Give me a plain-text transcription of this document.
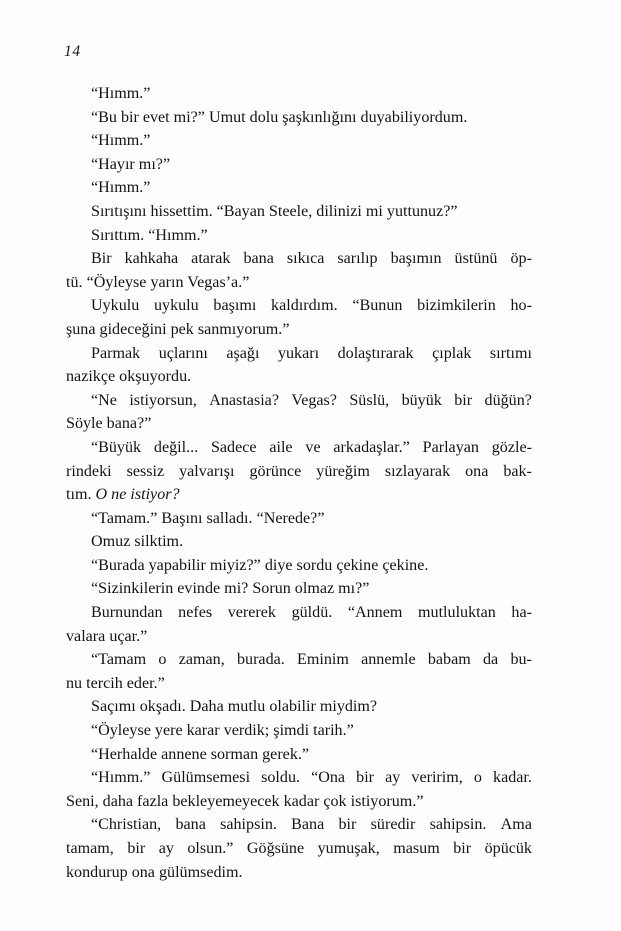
14

“Hımm.”

“Bu bir evet mi?” Umut dolu şaşkınlığını duyabiliyordum.

“Hımm.”

“Hayır mı?”

“Hımm.”

Sırıtışını hissettim. “Bayan Steele, dilinizi mi yuttunuz?”

Sırıttım. “Hımm.”

Bir kahkaha atarak bana sıkıca sarılıp başımın üstünü öp-
tü. “Öyleyse yarın Vegas’a.”

Uykulu uykulu başımı kaldırdım. “Bunun bizimkilerin ho-
şuna gideceğini pek sanmıyorum.”

Parmak uçlarını aşağı yukarı dolaştırarak çıplak sırtımı
nazikçe okşuyordu.

“Ne istiyorsun, Anastasia? Vegas? Süslü, büyük bir düğün?
Söyle bana?”

“Büyük değil... Sadece aile ve arkadaşlar.” Parlayan gözle-
rindeki sessiz yalvarışı görünce yüreğim sızlayarak ona bak-
tım. O ne istiyor?

“Tamam.” Başını salladı. “Nerede?”

Omuz silktim.

“Burada yapabilir miyiz?” diye sordu çekine çekine.

“Sizinkilerin evinde mi? Sorun olmaz mı?”

Burnundan nefes vererek güldü. “Annem mutluluktan ha-
valara uçar.”

“Tamam o zaman, burada. Eminim annemle babam da bu-
nu tercih eder.”

Saçımı okşadı. Daha mutlu olabilir miydim?

“Öyleyse yere karar verdik; şimdi tarih.”

“Herhalde annene sorman gerek.”

“Hımm.” Gülümsemesi soldu. “Ona bir ay veririm, o kadar.
Seni, daha fazla bekleyemeyecek kadar çok istiyorum.”

“Christian, bana sahipsin. Bana bir süredir sahipsin. Ama
tamam, bir ay olsun.” Göğsüne yumuşak, masum bir öpücük
kondurup ona gülümsedim.
